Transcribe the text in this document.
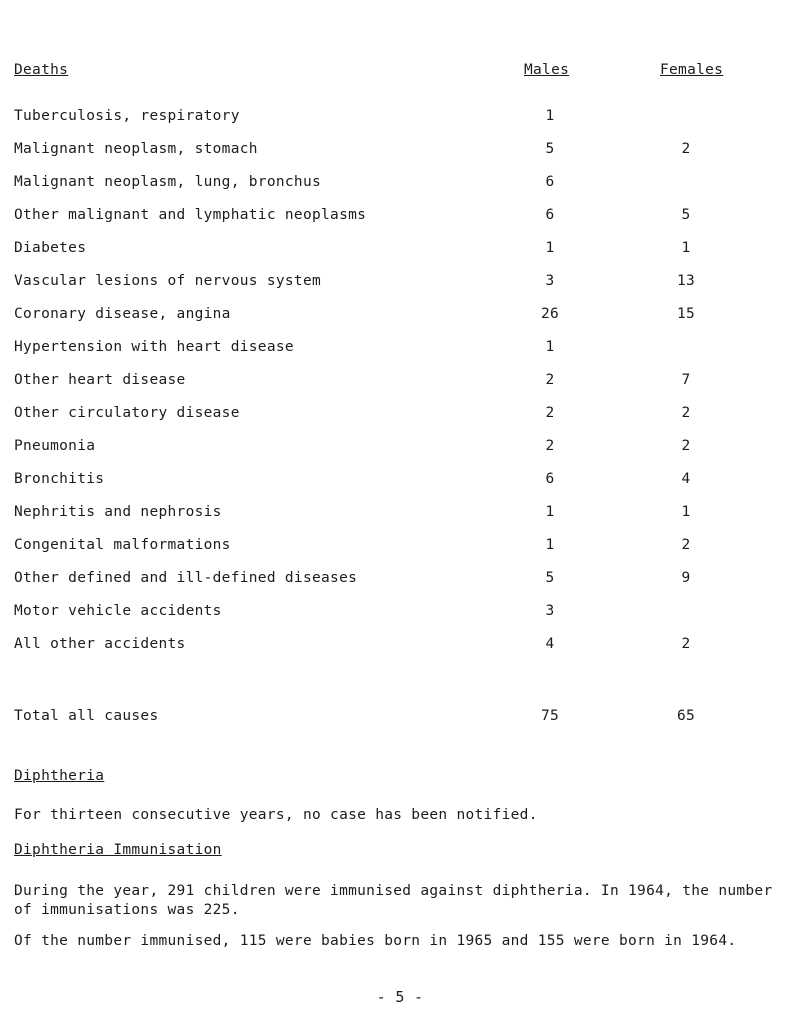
Deaths	Males	Females
Tuberculosis, respiratory	1
Malignant neoplasm, stomach	5	2
Malignant neoplasm, lung, bronchus	6
Other malignant and lymphatic neoplasms	6	5
Diabetes	1	1
Vascular lesions of nervous system	3	13
Coronary disease, angina	26	15
Hypertension with heart disease	1
Other heart disease	2	7
Other circulatory disease	2	2
Pneumonia	2	2
Bronchitis	6	4
Nephritis and nephrosis	1	1
Congenital malformations	1	2
Other defined and ill-defined diseases	5	9
Motor vehicle accidents	3
All other accidents	4	2
Total all causes	75	65
Diphtheria
For thirteen consecutive years, no case has been notified.
Diphtheria Immunisation
During the year, 291 children were immunised against diphtheria. In 1964, the number of immunisations was 225.
Of the number immunised, 115 were babies born in 1965 and 155 were born in 1964.
- 5 -
